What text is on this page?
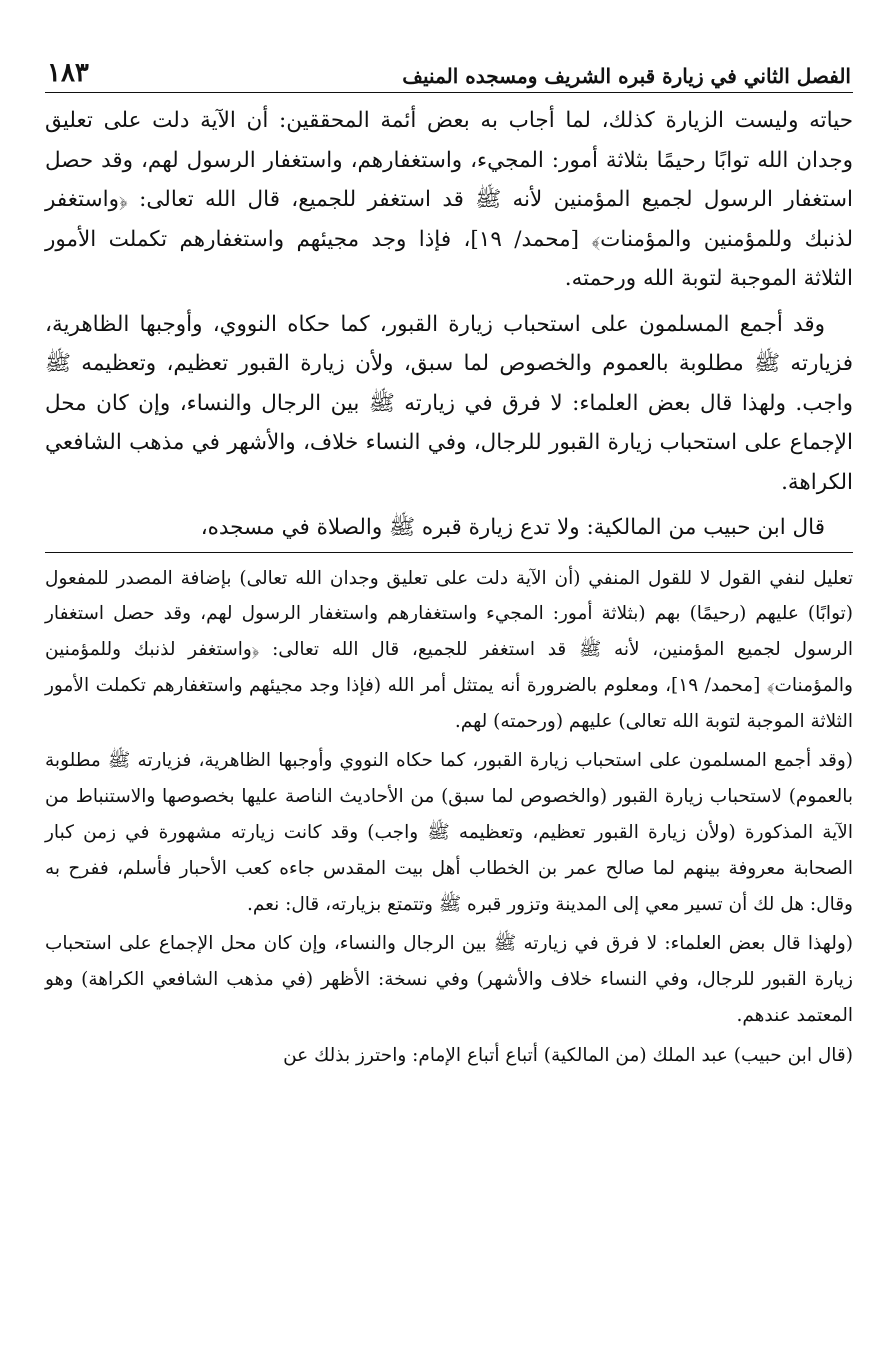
الفصل الثاني في زيارة قبره الشريف ومسجده المنيف
١٨٣

حياته وليست الزيارة كذلك، لما أجاب به بعض أئمة المحققين: أن الآية دلت على تعليق وجدان الله توابًا رحيمًا بثلاثة أمور: المجيء، واستغفارهم، واستغفار الرسول لهم، وقد حصل استغفار الرسول لجميع المؤمنين لأنه ﷺ قد استغفر للجميع، قال الله تعالى: ﴿واستغفر لذنبك وللمؤمنين والمؤمنات﴾ [محمد/ ١٩]، فإذا وجد مجيئهم واستغفارهم تكملت الأمور الثلاثة الموجبة لتوبة الله ورحمته.

وقد أجمع المسلمون على استحباب زيارة القبور، كما حكاه النووي، وأوجبها الظاهرية، فزيارته ﷺ مطلوبة بالعموم والخصوص لما سبق، ولأن زيارة القبور تعظيم، وتعظيمه ﷺ واجب. ولهذا قال بعض العلماء: لا فرق في زيارته ﷺ بين الرجال والنساء، وإن كان محل الإجماع على استحباب زيارة القبور للرجال، وفي النساء خلاف، والأشهر في مذهب الشافعي الكراهة.

قال ابن حبيب من المالكية: ولا تدع زيارة قبره ﷺ والصلاة في مسجده،

تعليل لنفي القول لا للقول المنفي (أن الآية دلت على تعليق وجدان الله تعالى) بإضافة المصدر للمفعول (توابًا) عليهم (رحيمًا) بهم (بثلاثة أمور: المجيء واستغفارهم واستغفار الرسول لهم، وقد حصل استغفار الرسول لجميع المؤمنين، لأنه ﷺ قد استغفر للجميع، قال الله تعالى: ﴿واستغفر لذنبك وللمؤمنين والمؤمنات﴾ [محمد/ ١٩]، ومعلوم بالضرورة أنه يمتثل أمر الله (فإذا وجد مجيئهم واستغفارهم تكملت الأمور الثلاثة الموجبة لتوبة الله تعالى) عليهم (ورحمته) لهم.

(وقد أجمع المسلمون على استحباب زيارة القبور، كما حكاه النووي وأوجبها الظاهرية، فزيارته ﷺ مطلوبة بالعموم) لاستحباب زيارة القبور (والخصوص لما سبق) من الأحاديث الناصة عليها بخصوصها والاستنباط من الآية المذكورة (ولأن زيارة القبور تعظيم، وتعظيمه ﷺ واجب) وقد كانت زيارته مشهورة في زمن كبار الصحابة معروفة بينهم لما صالح عمر بن الخطاب أهل بيت المقدس جاءه كعب الأحبار فأسلم، ففرح به وقال: هل لك أن تسير معي إلى المدينة وتزور قبره ﷺ وتتمتع بزيارته، قال: نعم.

(ولهذا قال بعض العلماء: لا فرق في زيارته ﷺ بين الرجال والنساء، وإن كان محل الإجماع على استحباب زيارة القبور للرجال، وفي النساء خلاف والأشهر) وفي نسخة: الأظهر (في مذهب الشافعي الكراهة) وهو المعتمد عندهم.

(قال ابن حبيب) عبد الملك (من المالكية) أتباع أتباع الإمام: واحترز بذلك عن
